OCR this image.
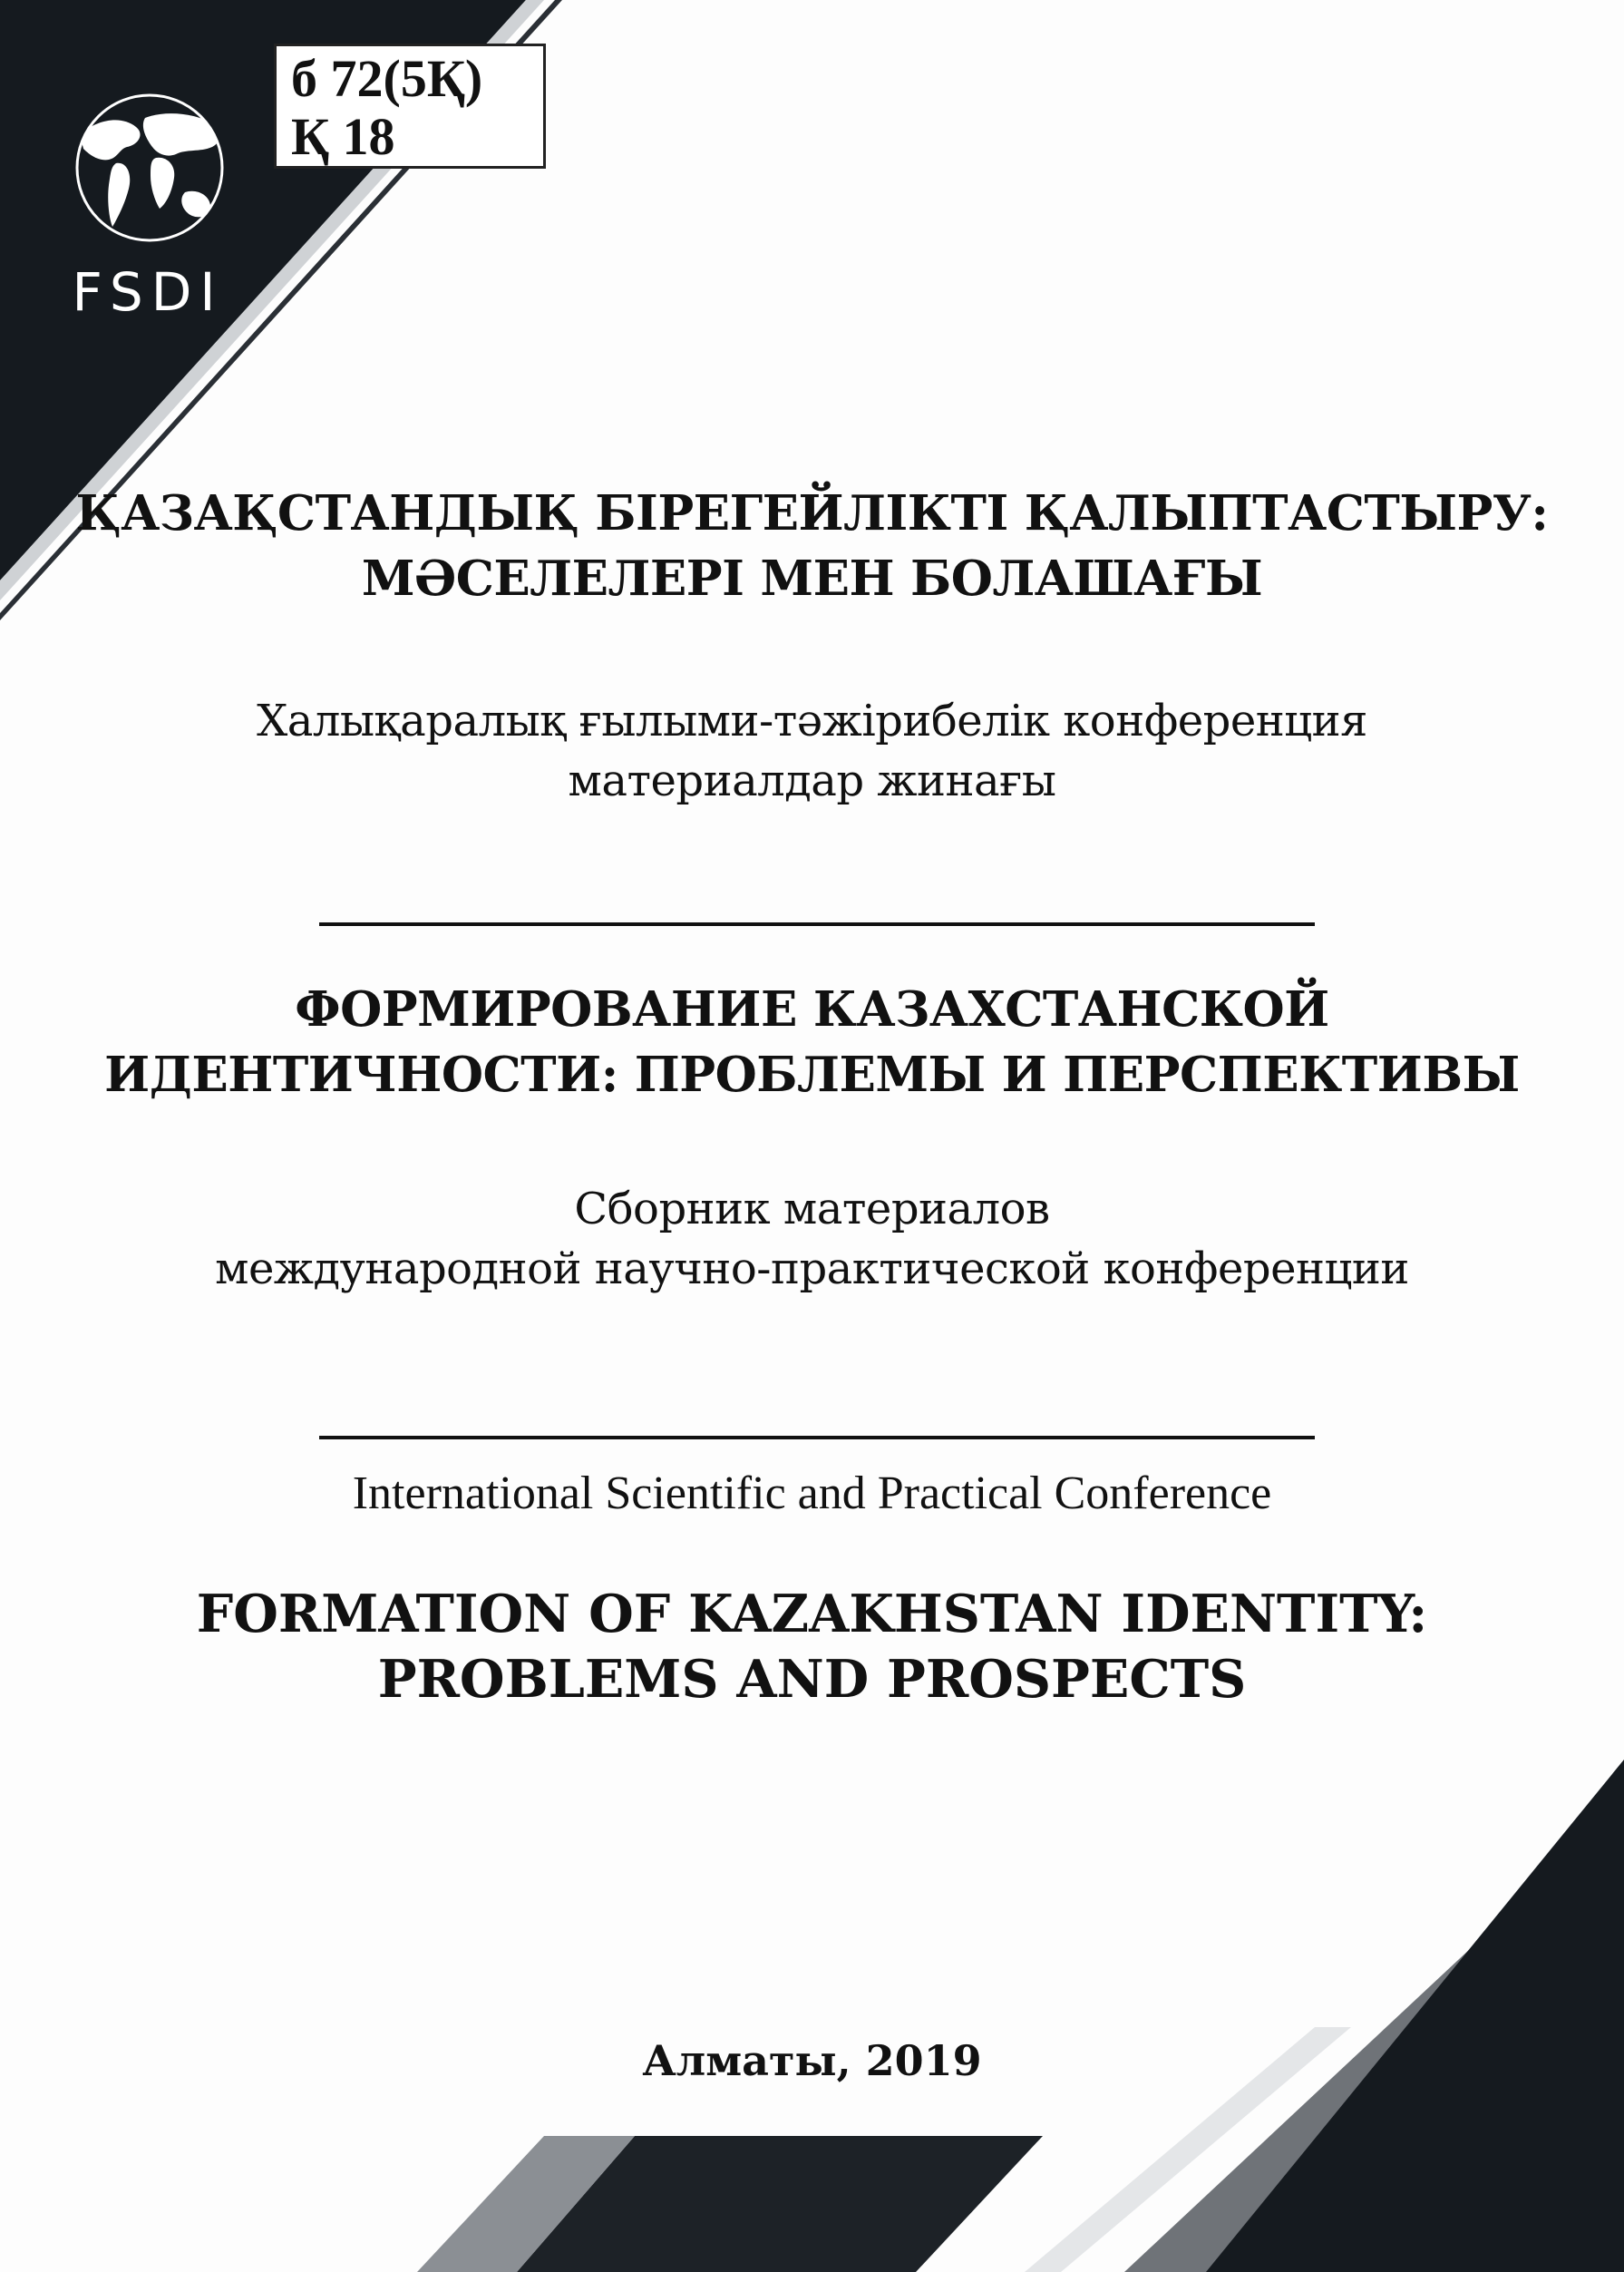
FSDI
б 72(5Қ)
Қ 18
ҚАЗАҚСТАНДЫҚ БІРЕГЕЙЛІКТІ ҚАЛЫПТАСТЫРУ:
МӘСЕЛЕЛЕРІ МЕН БОЛАШАҒЫ
Халықаралық ғылыми-тәжірибелік конференция
материалдар жинағы
ФОРМИРОВАНИЕ КАЗАХСТАНСКОЙ
ИДЕНТИЧНОСТИ: ПРОБЛЕМЫ И ПЕРСПЕКТИВЫ
Сборник материалов
международной научно-практической конференции
International Scientific and Practical Conference
FORMATION OF KAZAKHSTAN IDENTITY:
PROBLEMS AND PROSPECTS
Алматы, 2019
